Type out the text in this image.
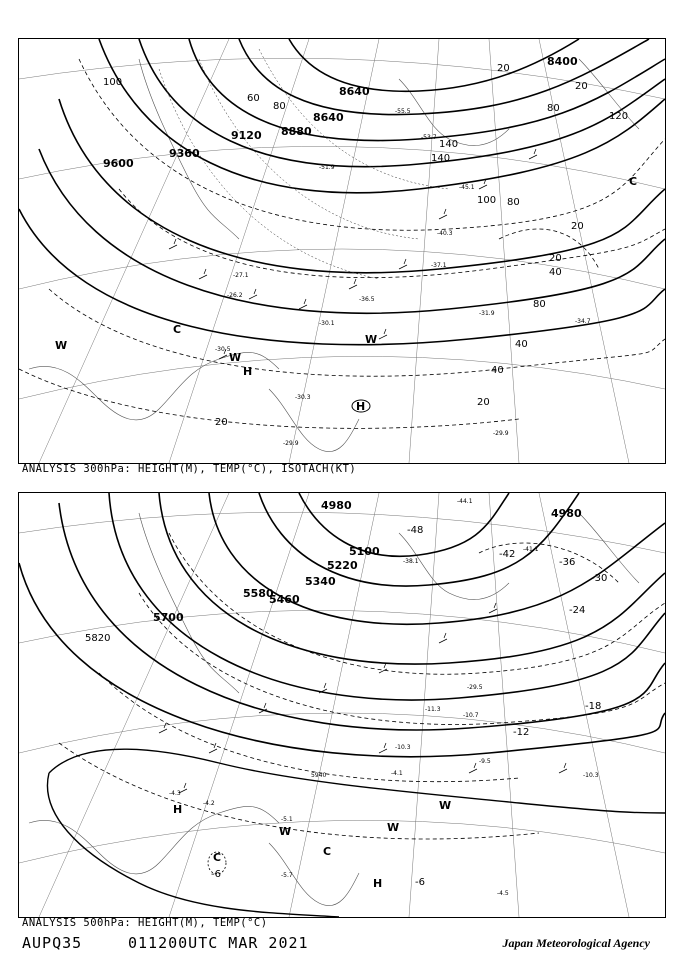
8400
8640
8640
8880
9120
9360
9600
100
60
80
20
20
80
120
140
140
100 80
20
20
40
80
40
40
20
20
-55.5
-53.7
-51.9
-45.1
-40.3
-37.1
-36.5
-31.9
-30.1
-30.5
-29.9
-27.1
-26.2
-30.3
-29.9
-34.7
H
H
C
C
W
W
W
ANALYSIS 300hPa: HEIGHT(M), TEMP(°C), ISOTACH(KT)
4980
4980
5100
5220
5340
5460
5580
5700
5820
5940
-48
-42
-36
-30
-24
-18
-12
-6
-6
-44.1
-41.1
-38.1
-29.5
-11.3
-10.7
-10.3
-9.5
-4.1
-4.2
-4.3
-5.1
-5.7
-4.5
-10.3
H
H
C	C
W
W
W
ANALYSIS 500hPa: HEIGHT(M), TEMP(°C)
AUPQ35	011200UTC MAR 2021	Japan Meteorological Agency
